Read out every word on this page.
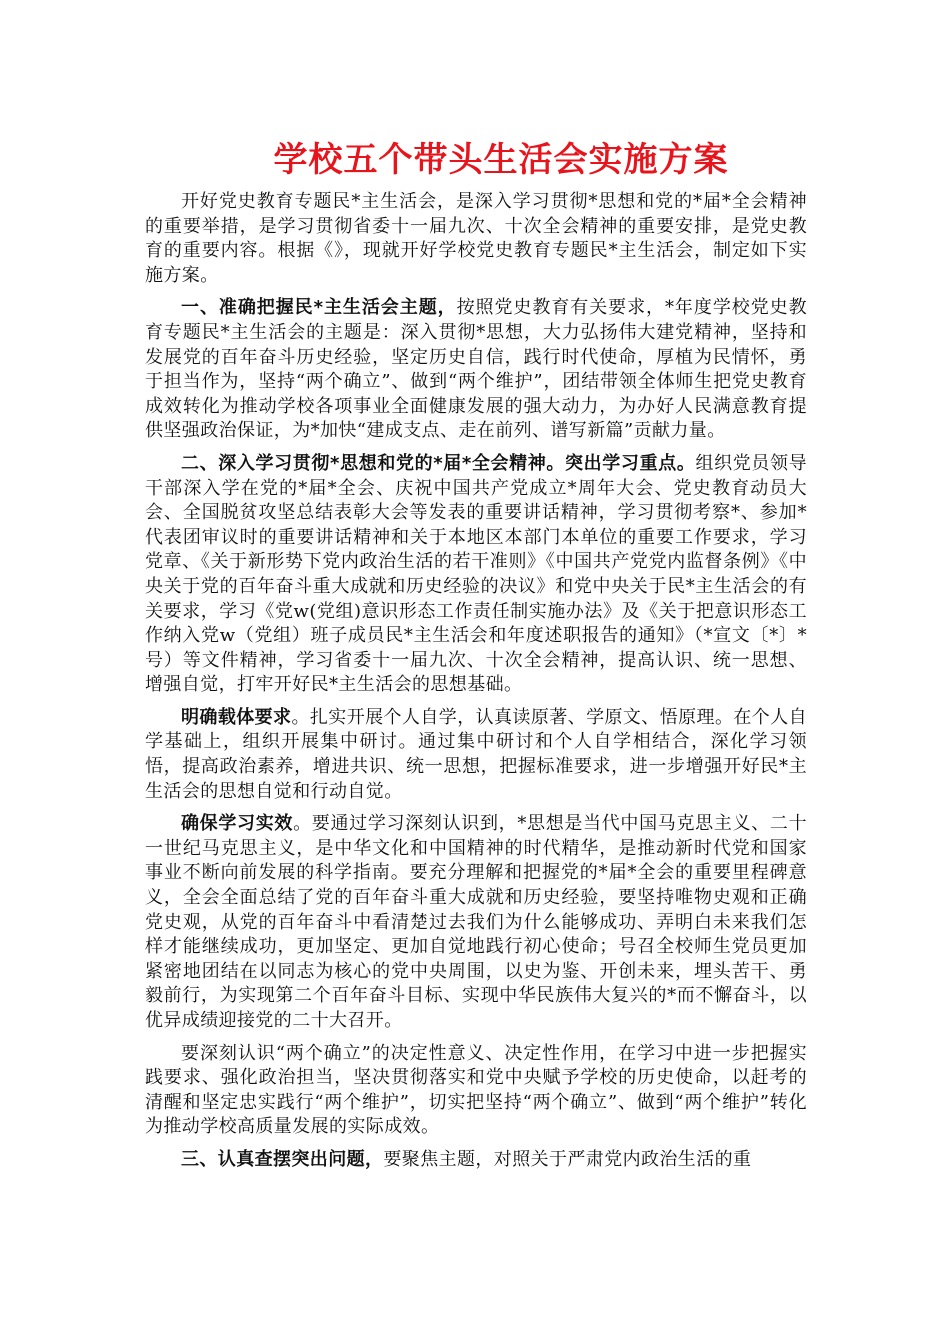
学校五个带头生活会实施方案

开好党史教育专题民*主生活会，是深入学习贯彻*思想和党的*届*全会精神的重要举措，是学习贯彻省委十一届九次、十次全会精神的重要安排，是党史教育的重要内容。根据《》，现就开好学校党史教育专题民*主生活会，制定如下实施方案。

一、准确把握民*主生活会主题，按照党史教育有关要求，*年度学校党史教育专题民*主生活会的主题是：深入贯彻*思想，大力弘扬伟大建党精神，坚持和发展党的百年奋斗历史经验，坚定历史自信，践行时代使命，厚植为民情怀，勇于担当作为，坚持“两个确立”、做到“两个维护”，团结带领全体师生把党史教育成效转化为推动学校各项事业全面健康发展的强大动力，为办好人民满意教育提供坚强政治保证，为*加快“建成支点、走在前列、谱写新篇”贡献力量。

二、深入学习贯彻*思想和党的*届*全会精神。突出学习重点。组织党员领导干部深入学在党的*届*全会、庆祝中国共产党成立*周年大会、党史教育动员大会、全国脱贫攻坚总结表彰大会等发表的重要讲话精神，学习贯彻考察*、参加*代表团审议时的重要讲话精神和关于本地区本部门本单位的重要工作要求，学习党章、《关于新形势下党内政治生活的若干准则》《中国共产党党内监督条例》《中央关于党的百年奋斗重大成就和历史经验的决议》和党中央关于民*主生活会的有关要求，学习《党w(党组)意识形态工作责任制实施办法》及《关于把意识形态工作纳入党w（党组）班子成员民*主生活会和年度述职报告的通知》（*宣文〔*〕*号）等文件精神，学习省委十一届九次、十次全会精神，提高认识、统一思想、增强自觉，打牢开好民*主生活会的思想基础。

明确载体要求。扎实开展个人自学，认真读原著、学原文、悟原理。在个人自学基础上，组织开展集中研讨。通过集中研讨和个人自学相结合，深化学习领悟，提高政治素养，增进共识、统一思想，把握标准要求，进一步增强开好民*主生活会的思想自觉和行动自觉。

确保学习实效。要通过学习深刻认识到，*思想是当代中国马克思主义、二十一世纪马克思主义，是中华文化和中国精神的时代精华，是推动新时代党和国家事业不断向前发展的科学指南。要充分理解和把握党的*届*全会的重要里程碑意义，全会全面总结了党的百年奋斗重大成就和历史经验，要坚持唯物史观和正确党史观，从党的百年奋斗中看清楚过去我们为什么能够成功、弄明白未来我们怎样才能继续成功，更加坚定、更加自觉地践行初心使命；号召全校师生党员更加紧密地团结在以同志为核心的党中央周围，以史为鉴、开创未来，埋头苦干、勇毅前行，为实现第二个百年奋斗目标、实现中华民族伟大复兴的*而不懈奋斗，以优异成绩迎接党的二十大召开。

要深刻认识“两个确立”的决定性意义、决定性作用，在学习中进一步把握实践要求、强化政治担当，坚决贯彻落实和党中央赋予学校的历史使命，以赶考的清醒和坚定忠实践行“两个维护”，切实把坚持“两个确立”、做到“两个维护”转化为推动学校高质量发展的实际成效。

三、认真查摆突出问题，要聚焦主题，对照关于严肃党内政治生活的重
